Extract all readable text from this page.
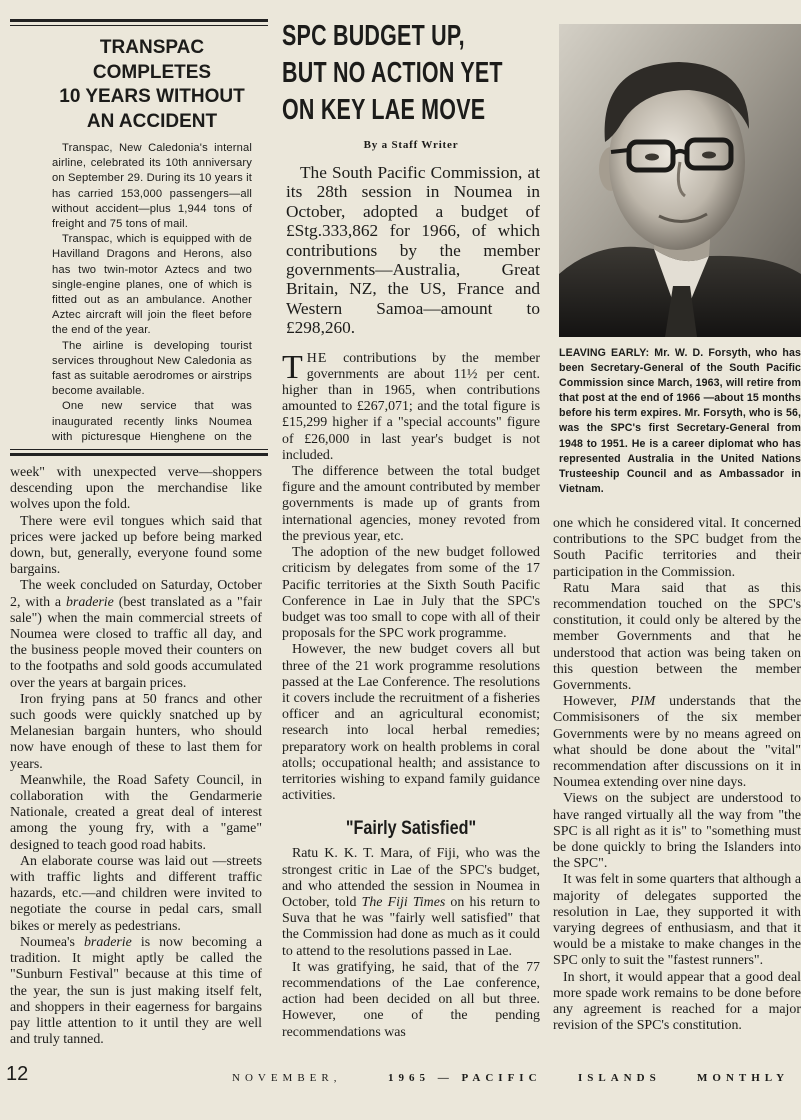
TRANSPAC COMPLETES
10 YEARS WITHOUT
AN ACCIDENT

Transpac, New Caledonia's internal airline, celebrated its 10th anniversary on September 29. During its 10 years it has carried 153,000 passengers—all without accident—plus 1,944 tons of freight and 75 tons of mail.

Transpac, which is equipped with de Havilland Dragons and Herons, also has two twin-motor Aztecs and two single-engine planes, one of which is fitted out as an ambulance. Another Aztec aircraft will join the fleet before the end of the year.

The airline is developing tourist services throughout New Caledonia as fast as suitable aerodromes or airstrips become available.

One new service that was inaugurated recently links Noumea with picturesque Hienghene on the

week" with unexpected verve—shoppers descending upon the merchandise like wolves upon the fold.

There were evil tongues which said that prices were jacked up before being marked down, but, generally, everyone found some bargains.

The week concluded on Saturday, October 2, with a braderie (best translated as a "fair sale") when the main commercial streets of Noumea were closed to traffic all day, and the business people moved their counters on to the footpaths and sold goods accumulated over the years at bargain prices.

Iron frying pans at 50 francs and other such goods were quickly snatched up by Melanesian bargain hunters, who should now have enough of these to last them for years.

Meanwhile, the Road Safety Council, in collaboration with the Gendarmerie Nationale, created a great deal of interest among the young fry, with a "game" designed to teach good road habits.

An elaborate course was laid out —streets with traffic lights and different traffic hazards, etc.—and children were invited to negotiate the course in pedal cars, small bikes or merely as pedestrians.

Noumea's braderie is now becoming a tradition. It might aptly be called the "Sunburn Festival" because at this time of the year, the sun is just making itself felt, and shoppers in their eagerness for bargains pay little attention to it until they are well and truly tanned.

SPC BUDGET UP,
BUT NO ACTION YET
ON KEY LAE MOVE
By a Staff Writer

The South Pacific Commission, at its 28th session in Noumea in October, adopted a budget of £Stg.333,862 for 1966, of which contributions by the member governments—Australia, Great Britain, NZ, the US, France and Western Samoa—amount to £298,260.

THE contributions by the member governments are about 11½ per cent. higher than in 1965, when contributions amounted to £267,071; and the total figure is £15,299 higher if a "special accounts" figure of £26,000 in last year's budget is not included.

The difference between the total budget figure and the amount contributed by member governments is made up of grants from international agencies, money revoted from the previous year, etc.

The adoption of the new budget followed criticism by delegates from some of the 17 Pacific territories at the Sixth South Pacific Conference in Lae in July that the SPC's budget was too small to cope with all of their proposals for the SPC work programme.

However, the new budget covers all but three of the 21 work programme resolutions passed at the Lae Conference. The resolutions it covers include the recruitment of a fisheries officer and an agricultural economist; research into local herbal remedies; preparatory work on health problems in coral atolls; occupational health; and assistance to territories wishing to expand family guidance activities.

"Fairly Satisfied"

Ratu K. K. T. Mara, of Fiji, who was the strongest critic in Lae of the SPC's budget, and who attended the session in Noumea in October, told The Fiji Times on his return to Suva that he was "fairly well satisfied" that the Commission had done as much as it could to attend to the resolutions passed in Lae.

It was gratifying, he said, that of the 77 recommendations of the Lae conference, action had been decided on all but three. However, one of the pending recommendations was

LEAVING EARLY: Mr. W. D. Forsyth, who has been Secretary-General of the South Pacific Commission since March, 1963, will retire from that post at the end of 1966 —about 15 months before his term expires. Mr. Forsyth, who is 56, was the SPC's first Secretary-General from 1948 to 1951. He is a career diplomat who has represented Australia in the United Nations Trusteeship Council and as Ambassador in Vietnam.

one which he considered vital. It concerned contributions to the SPC budget from the South Pacific territories and their participation in the Commission.

Ratu Mara said that as this recommendation touched on the SPC's constitution, it could only be altered by the member Governments and that he understood that action was being taken on this question between the member Governments.

However, PIM understands that the Commisisoners of the six member Governments were by no means agreed on what should be done about the "vital" recommendation after discussions on it in Noumea extending over nine days.

Views on the subject are understood to have ranged virtually all the way from "the SPC is all right as it is" to "something must be done quickly to bring the Islanders into the SPC".

It was felt in some quarters that although a majority of delegates supported the resolution in Lae, they supported it with varying degrees of enthusiasm, and that it would be a mistake to make changes in the SPC only to suit the "fastest runners".

In short, it would appear that a good deal more spade work remains to be done before any agreement is reached for a major revision of the SPC's constitution.

12	NOVEMBER,	1965 — PACIFIC	ISLANDS	MONTHLY
